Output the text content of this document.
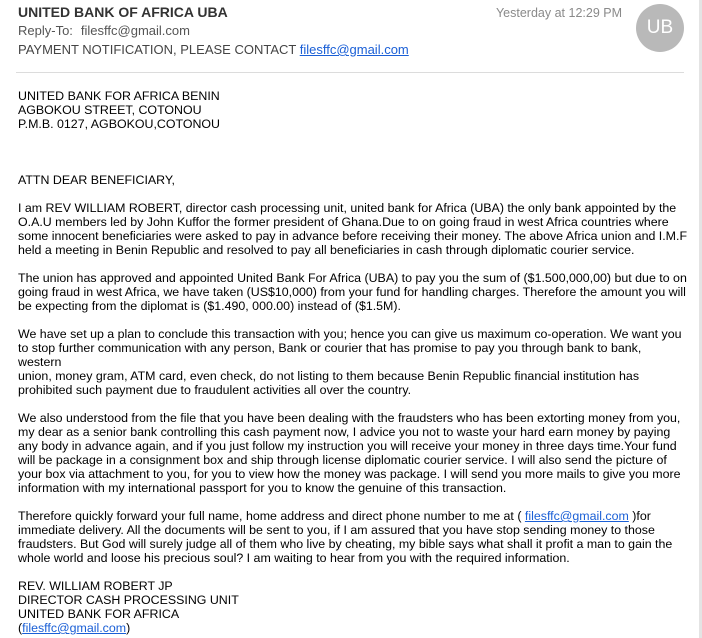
UNITED BANK OF AFRICA UBA	Yesterday at 12:29 PM
UB
Reply-To: filesffc@gmail.com
PAYMENT NOTIFICATION, PLEASE CONTACT filesffc@gmail.com

UNITED BANK FOR AFRICA BENIN

AGBOKOU STREET, COTONOU

P.M.B. 0127, AGBOKOU,COTONOU

ATTN DEAR BENEFICIARY,

I am REV WILLIAM ROBERT, director cash processing unit, united bank for Africa (UBA) the only bank appointed by the

O.A.U members led by John Kuffor the former president of Ghana.Due to on going fraud in west Africa countries where

some innocent beneficiaries were asked to pay in advance before receiving their money. The above Africa union and I.M.F

held a meeting in Benin Republic and resolved to pay all beneficiaries in cash through diplomatic courier service.

The union has approved and appointed United Bank For Africa (UBA) to pay you the sum of ($1.500,000,00) but due to on

going fraud in west Africa, we have taken (US$10,000) from your fund for handling charges. Therefore the amount you will

be expecting from the diplomat is ($1.490, 000.00) instead of ($1.5M).

We have set up a plan to conclude this transaction with you; hence you can give us maximum co-operation. We want you

to stop further communication with any person, Bank or courier that has promise to pay you through bank to bank, western

union, money gram, ATM card, even check, do not listing to them because Benin Republic financial institution has

prohibited such payment due to fraudulent activities all over the country.

We also understood from the file that you have been dealing with the fraudsters who has been extorting money from you,

my dear as a senior bank controlling this cash payment now, I advice you not to waste your hard earn money by paying

any body in advance again, and if you just follow my instruction you will receive your money in three days time.Your fund

will be package in a consignment box and ship through license diplomatic courier service. I will also send the picture of

your box via attachment to you, for you to view how the money was package. I will send you more mails to give you more

information with my international passport for you to know the genuine of this transaction.

Therefore quickly forward your full name, home address and direct phone number to me at ( filesffc@gmail.com )for

immediate delivery. All the documents will be sent to you, if I am assured that you have stop sending money to those

fraudsters. But God will surely judge all of them who live by cheating, my bible says what shall it profit a man to gain the

whole world and loose his precious soul? I am waiting to hear from you with the required information.

REV. WILLIAM ROBERT JP

DIRECTOR CASH PROCESSING UNIT

UNITED BANK FOR AFRICA

(filesffc@gmail.com)
